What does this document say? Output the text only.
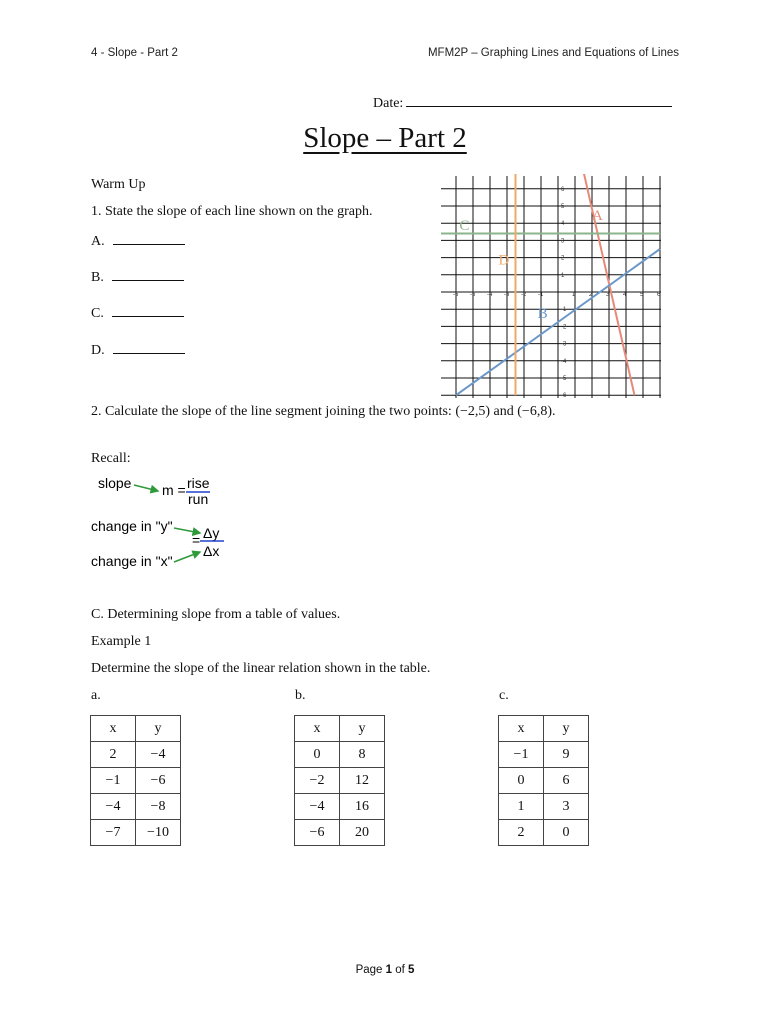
4 - Slope - Part 2	MFM2P – Graphing Lines and Equations of Lines
Date:
Slope – Part 2
Warm Up
1. State the slope of each line shown on the graph.
A.
B.
C.
D.
-6 -5 -4 -3 -2 -1	1 2 3 4 5 6
6
5
4
3
2
1
-1
-2
-3
-4
-5
-6
A
B
C
D
2. Calculate the slope of the line segment joining the two points: (−2,5) and (−6,8).
Recall:
slope m = rise
run
change in "y" Δy
=
Δx
change in "x"
C. Determining slope from a table of values.
Example 1
Determine the slope of the linear relation shown in the table.
a.	b.	c.
x	y
2	−4
−1	−6
−4	−8
−7	−10
x	y
0	8
−2	12
−4	16
−6	20
x	y
−1	9
0	6
1	3
2	0
Page 1 of 5
